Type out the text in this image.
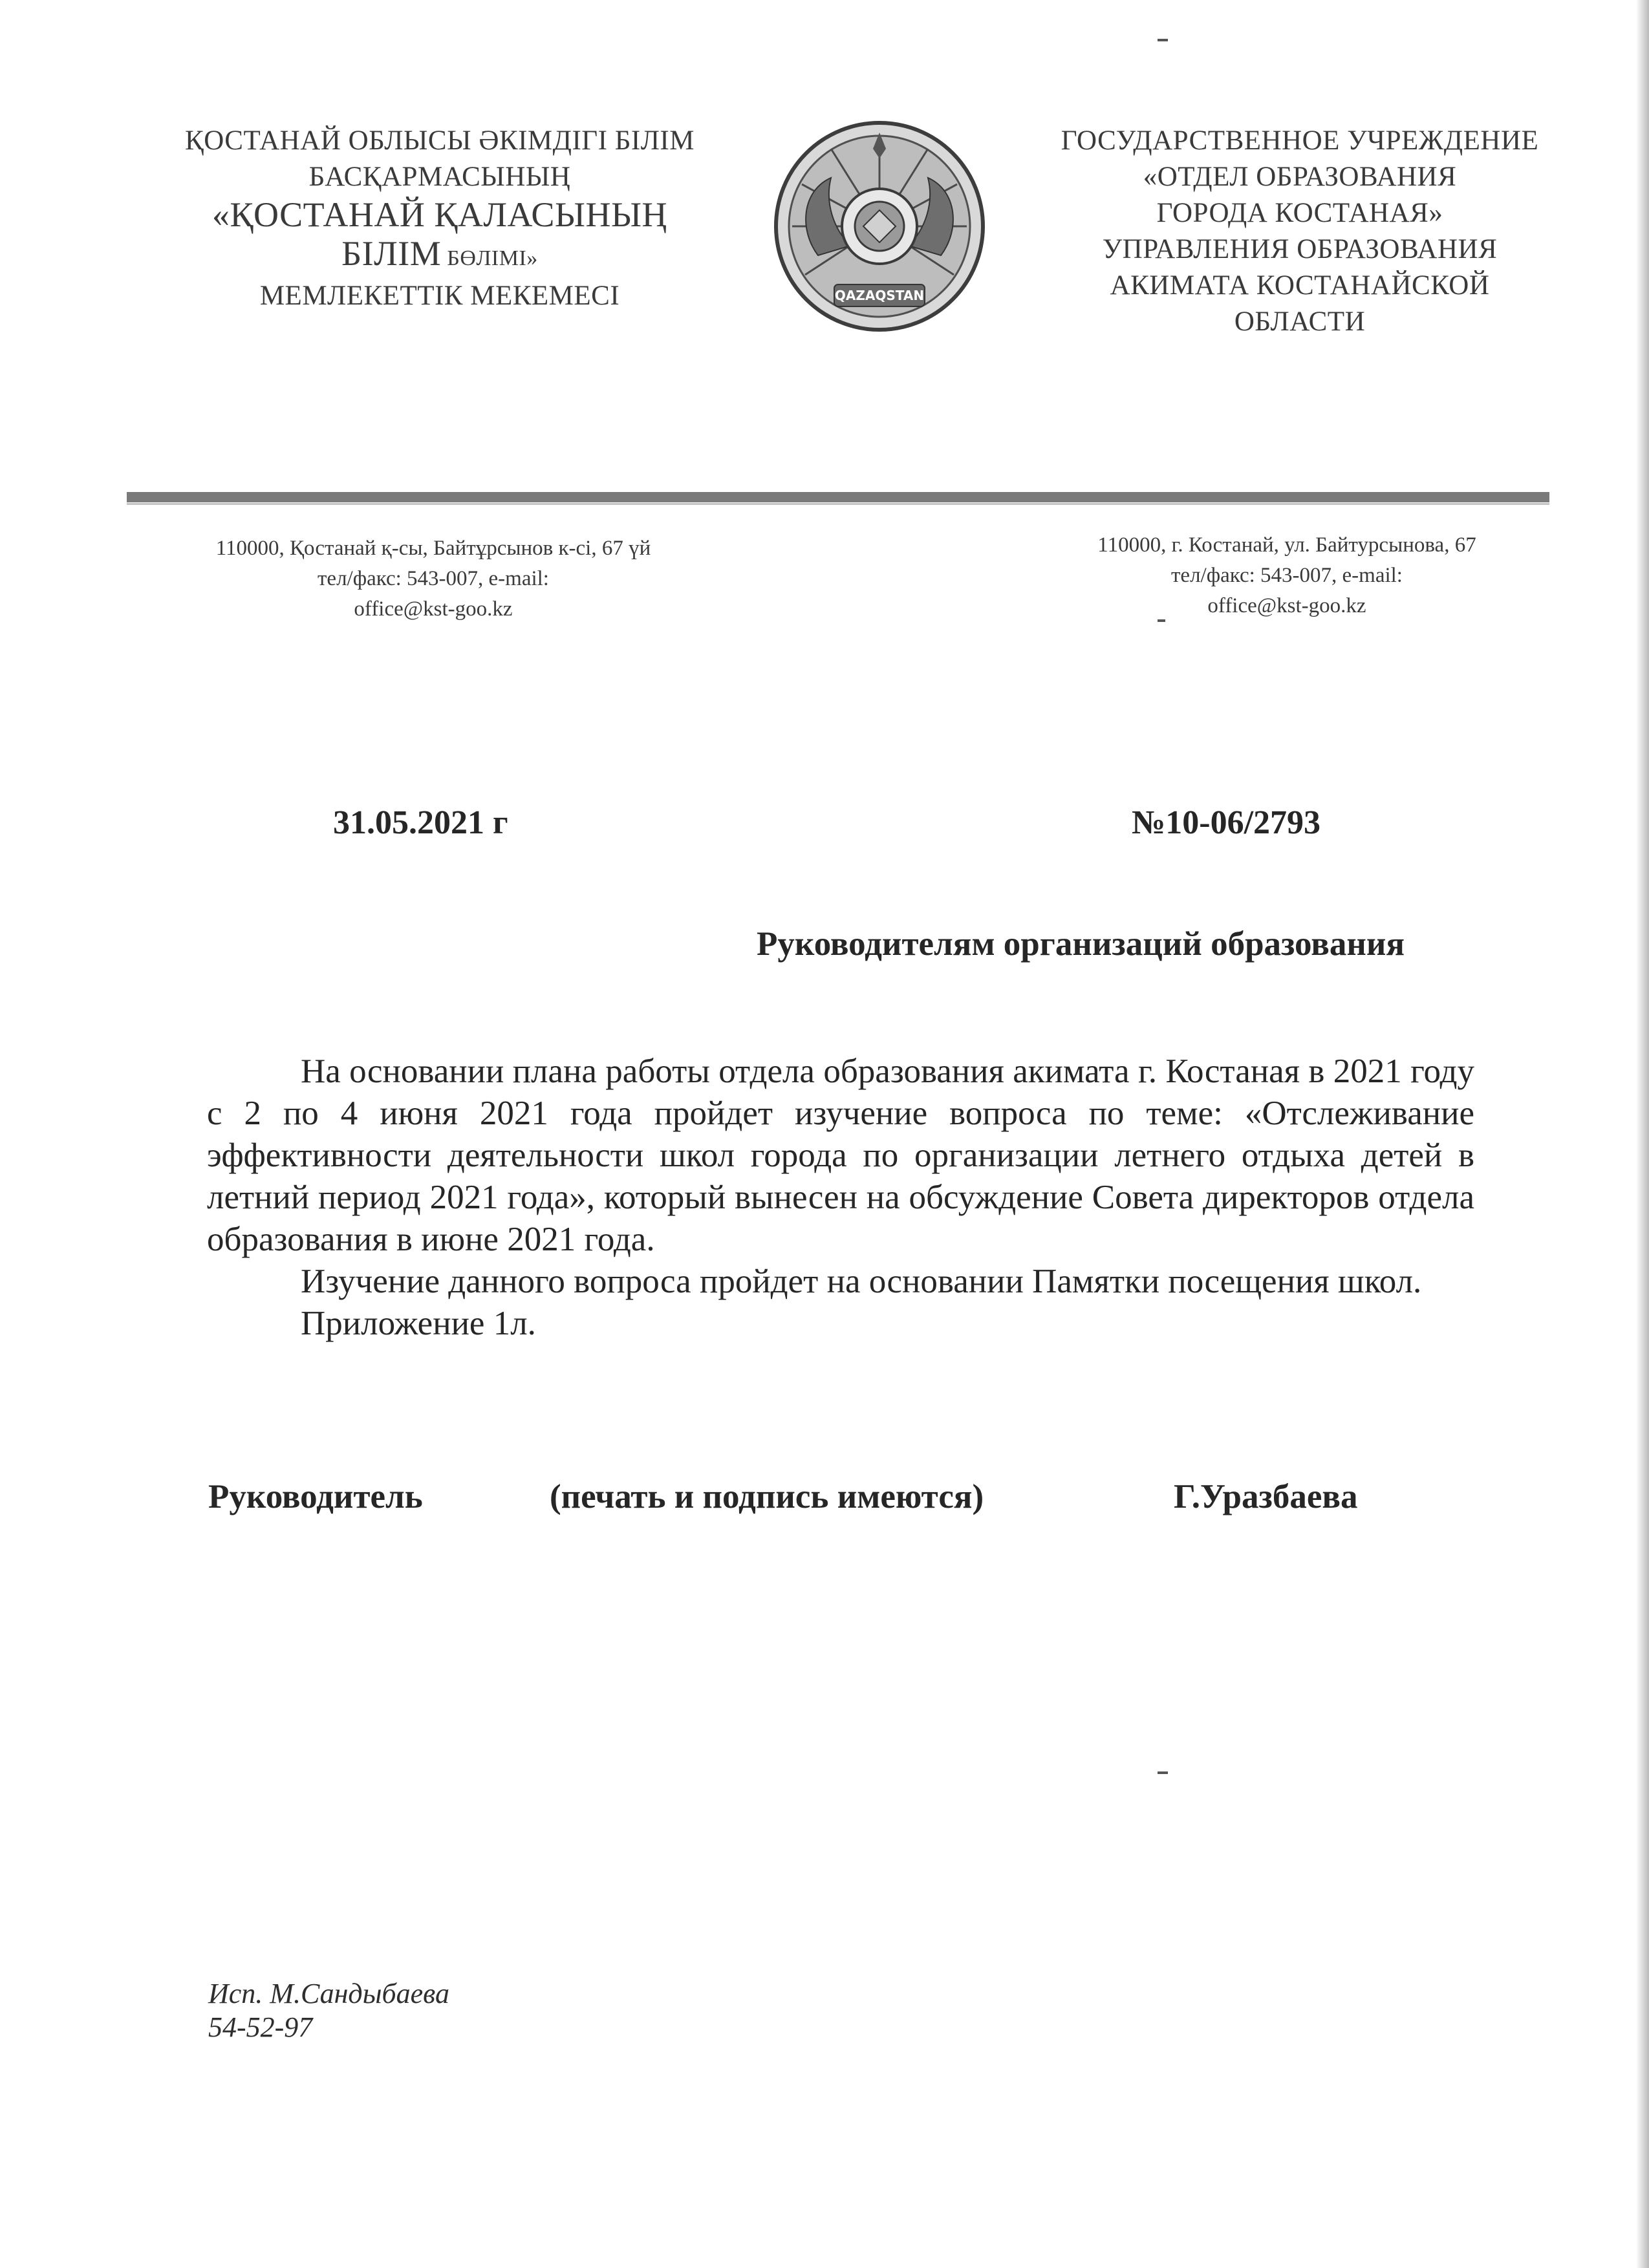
ҚОСТАНАЙ ОБЛЫСЫ ӘКІМДІГІ БІЛІМ
БАСҚАРМАСЫНЫҢ
«ҚОСТАНАЙ ҚАЛАСЫНЫҢ
БІЛІМ БӨЛІМІ»
МЕМЛЕКЕТТІК МЕКЕМЕСІ	QAZAQSTAN
ГОСУДАРСТВЕННОЕ УЧРЕЖДЕНИЕ
«ОТДЕЛ ОБРАЗОВАНИЯ
ГОРОДА КОСТАНАЯ»
УПРАВЛЕНИЯ ОБРАЗОВАНИЯ
АКИМАТА КОСТАНАЙСКОЙ
ОБЛАСТИ
110000, Қостанай қ-сы, Байтұрсынов к-сі, 67 үй
тел/факс: 543-007, e-mail:
office@kst-goo.kz
110000, г. Костанай, ул. Байтурсынова, 67
тел/факс: 543-007, e-mail:
office@kst-goo.kz
31.05.2021 г	№10-06/2793
Руководителям организаций образования

На основании плана работы отдела образования акимата г. Костаная в 2021 году с 2 по 4 июня 2021 года пройдет изучение вопроса по теме: «Отслеживание эффективности деятельности школ города по организации летнего отдыха детей в летний период 2021 года», который вынесен на обсуждение Совета директоров отдела образования в июне 2021 года.

Изучение данного вопроса пройдет на основании Памятки посещения школ.

Приложение 1л.

Руководитель	(печать и подпись имеются)	Г.Уразбаева
Исп. М.Сандыбаева
54-52-97
